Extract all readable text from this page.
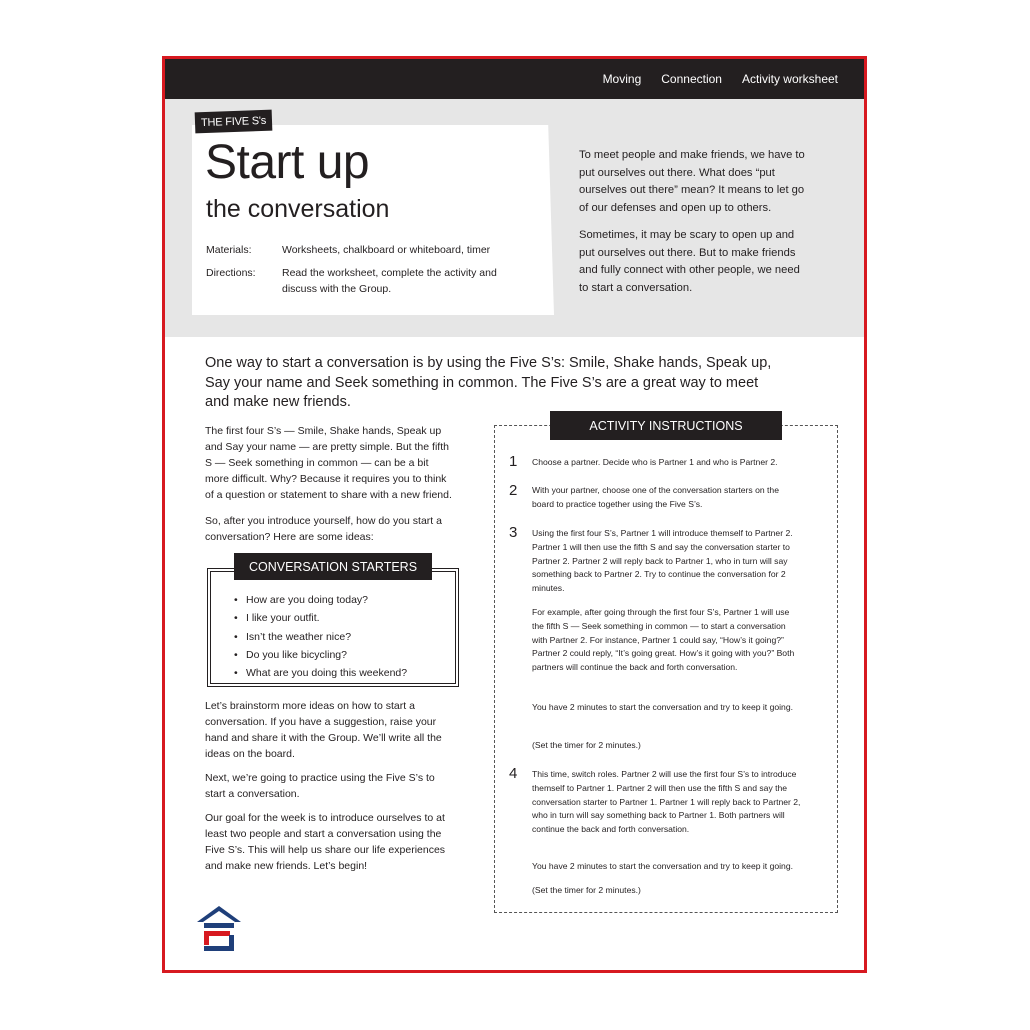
Moving Connection Activity worksheet
THE FIVE S's
Start up
the conversation
Materials:	Worksheets, chalkboard or whiteboard, timer
Directions:	Read the worksheet, complete the activity and discuss with the Group.

To meet people and make friends, we have to put ourselves out there. What does “put ourselves out there” mean? It means to let go of our defenses and open up to others.

Sometimes, it may be scary to open up and put ourselves out there. But to make friends and fully connect with other people, we need to start a conversation.

One way to start a conversation is by using the Five S’s: Smile, Shake hands, Speak up, Say your name and Seek something in common. The Five S’s are a great way to meet and make new friends.

The first four S’s — Smile, Shake hands, Speak up and Say your name — are pretty simple. But the fifth S — Seek something in common — can be a bit more difficult. Why? Because it requires you to think of a question or statement to share with a new friend.

So, after you introduce yourself, how do you start a conversation? Here are some ideas:

CONVERSATION STARTERS
• How are you doing today?
• I like your outfit.
• Isn’t the weather nice?
• Do you like bicycling?
• What are you doing this weekend?

Let’s brainstorm more ideas on how to start a conversation. If you have a suggestion, raise your hand and share it with the Group. We’ll write all the ideas on the board.

Next, we’re going to practice using the Five S’s to start a conversation.

Our goal for the week is to introduce ourselves to at least two people and start a conversation using the Five S’s. This will help us share our life experiences and make new friends. Let’s begin!

ACTIVITY INSTRUCTIONS
1 Choose a partner. Decide who is Partner 1 and who is Partner 2.

2 With your partner, choose one of the conversation starters on the board to practice together using the Five S’s.

3 Using the first four S’s, Partner 1 will introduce themself to Partner 2. Partner 1 will then use the fifth S and say the conversation starter to Partner 2. Partner 2 will reply back to Partner 1, who in turn will say something back to Partner 2. Try to continue the conversation for 2 minutes.

For example, after going through the first four S’s, Partner 1 will use the fifth S — Seek something in common — to start a conversation with Partner 2. For instance, Partner 1 could say, “How’s it going?” Partner 2 could reply, “It’s going great. How’s it going with you?” Both partners will continue the back and forth conversation.

You have 2 minutes to start the conversation and try to keep it going.

(Set the timer for 2 minutes.)

4 This time, switch roles. Partner 2 will use the first four S’s to introduce themself to Partner 1. Partner 2 will then use the fifth S and say the conversation starter to Partner 1. Partner 1 will reply back to Partner 2, who in turn will say something back to Partner 1. Both partners will continue the back and forth conversation.

You have 2 minutes to start the conversation and try to keep it going.

(Set the timer for 2 minutes.)
